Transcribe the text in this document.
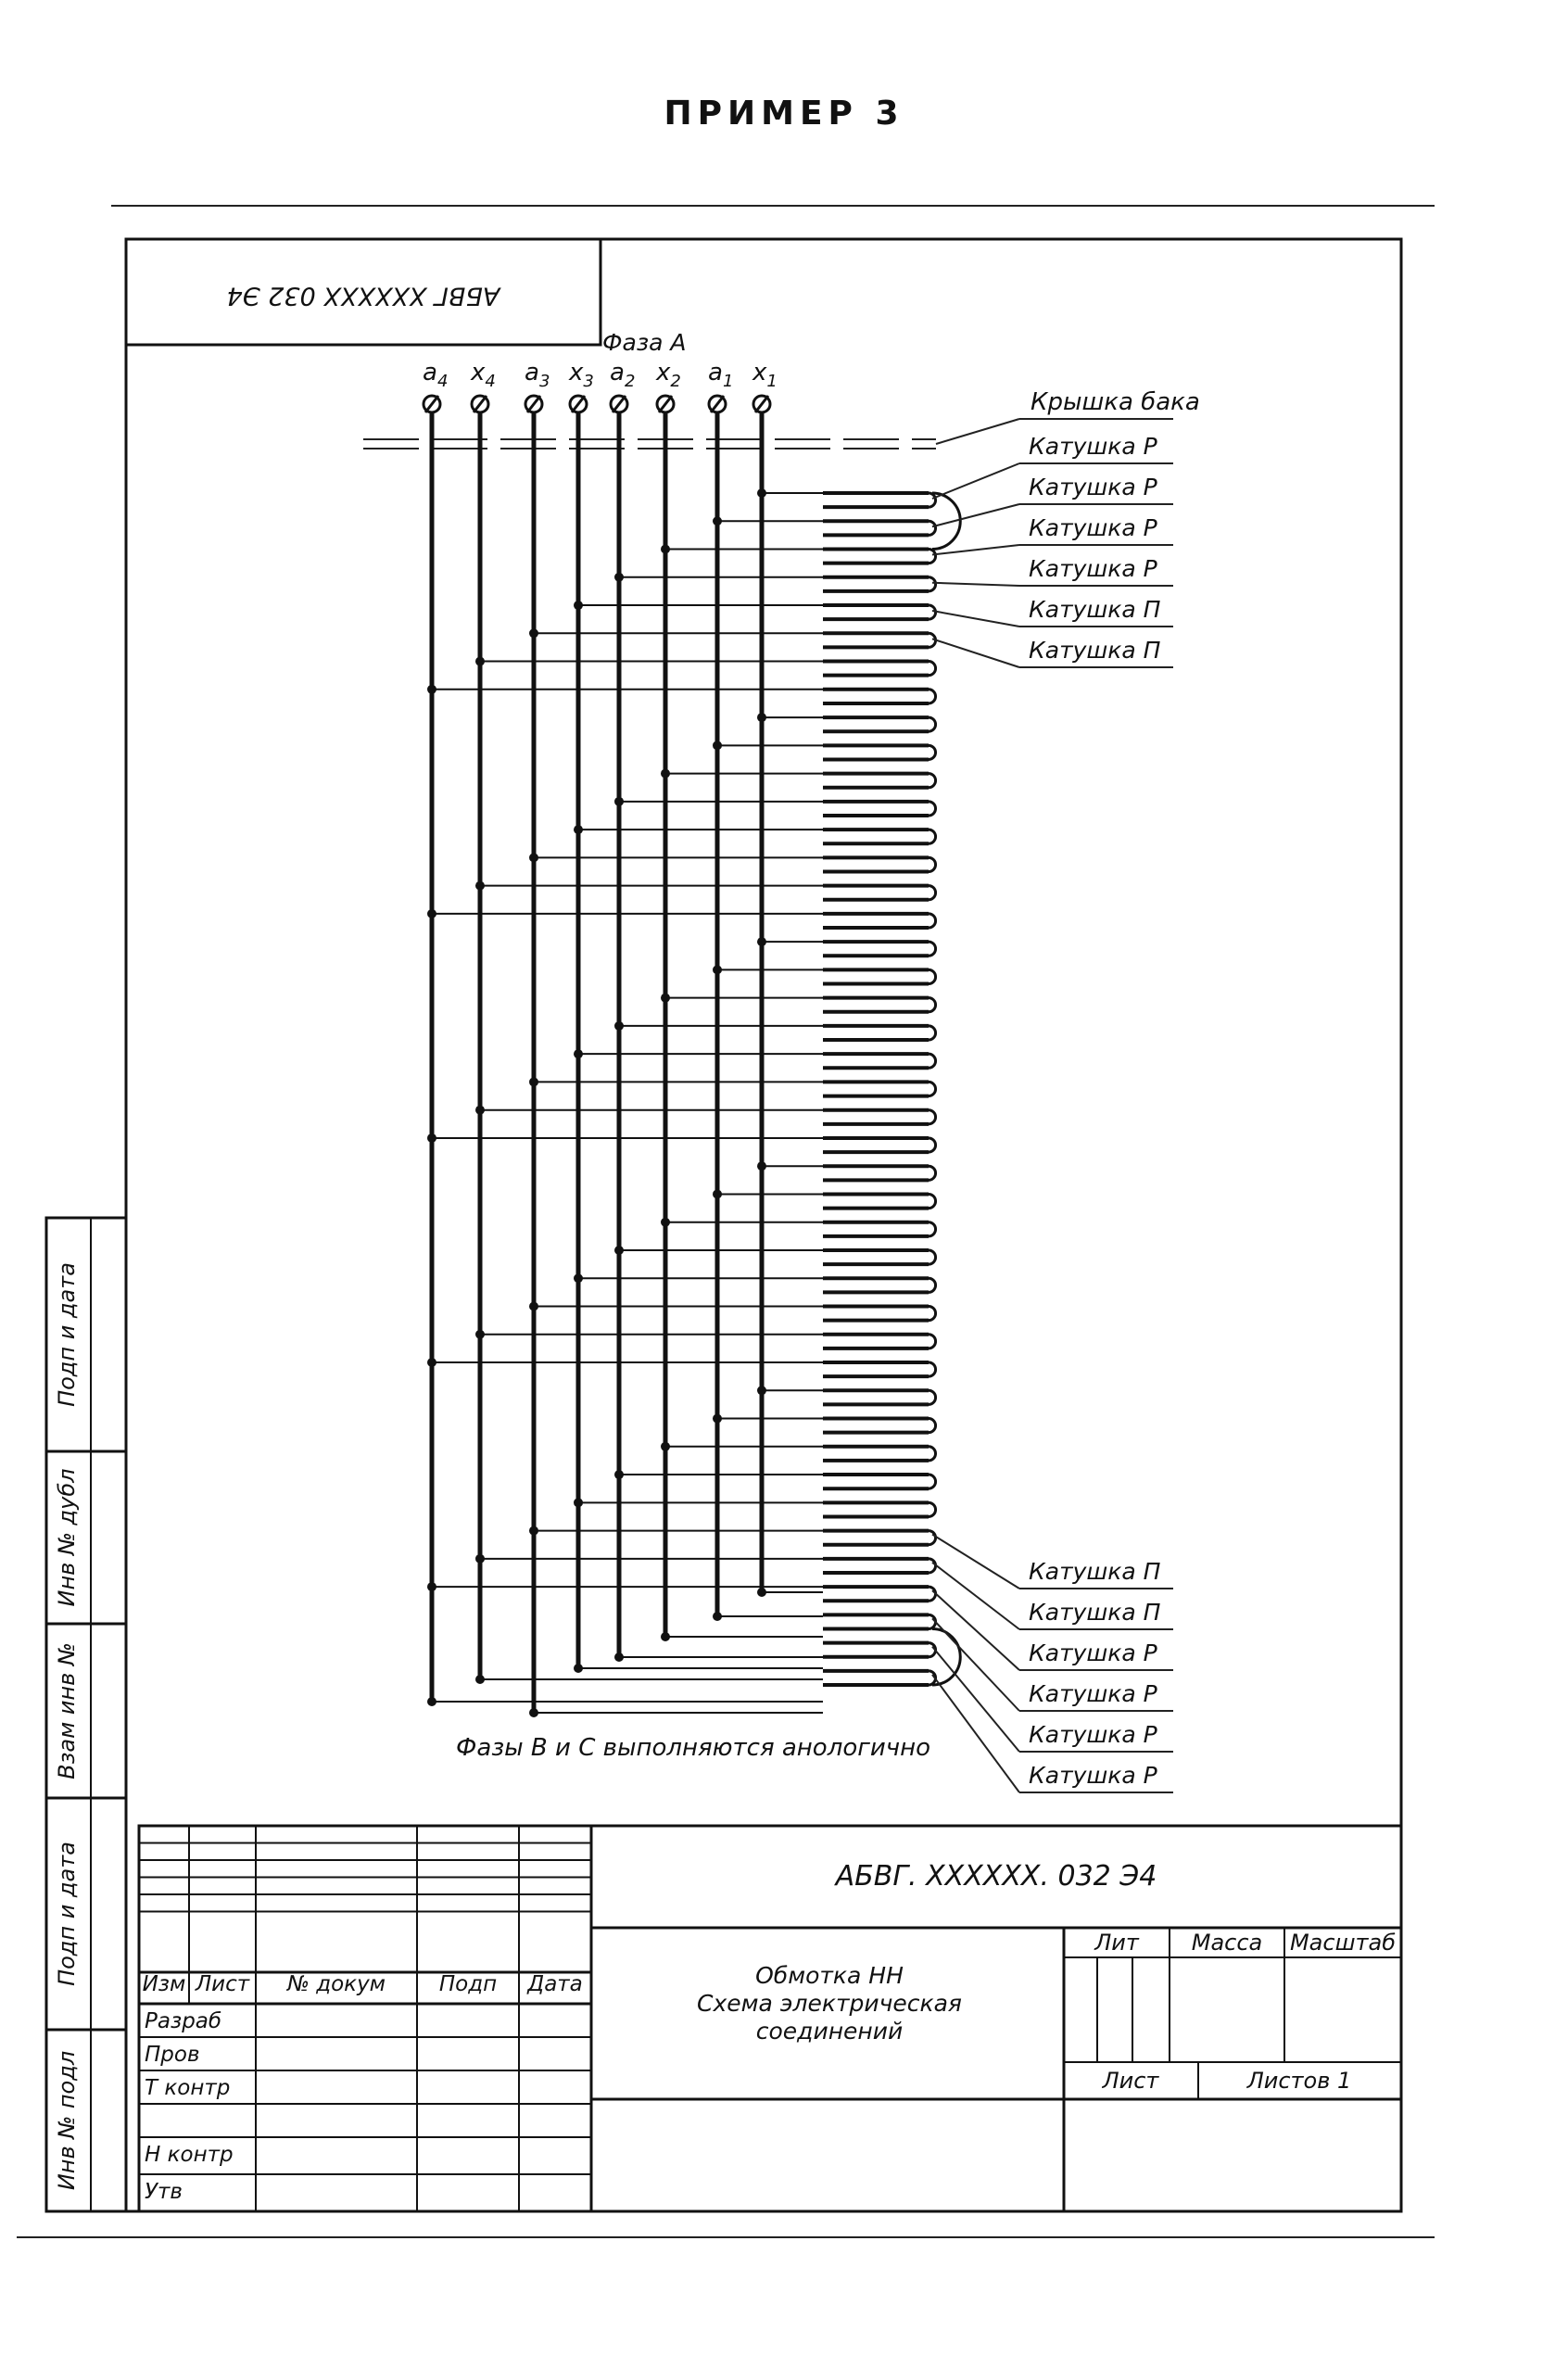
ПРИМЕР 3
АБВГ XXXXXX 032 Э4
Подп и дата
Инв № дубл
Взам инв №
Подп и дата
Инв № подл
Фаза А
Крышка бака
$a_4$ $x_4$ $a_3$ $x_3$ $a_2$ $x_2$ $a_1$ $x_1$
Катушка Р
Катушка Р
Катушка Р
Катушка Р
Катушка П
Катушка П
Катушка П
Катушка П
Катушка Р
Катушка Р
Катушка Р
Катушка Р
Фазы В и С выполняются анологично
Изм Лист № докум	Подп Дата
Разраб
Пров
Т контр
Н контр
Утв
АБВГ. XXXXXX. 032 Э4
Обмотка НН
Схема электрическая
соединений
Лит Масса Масштаб
Лист	Листов 1
